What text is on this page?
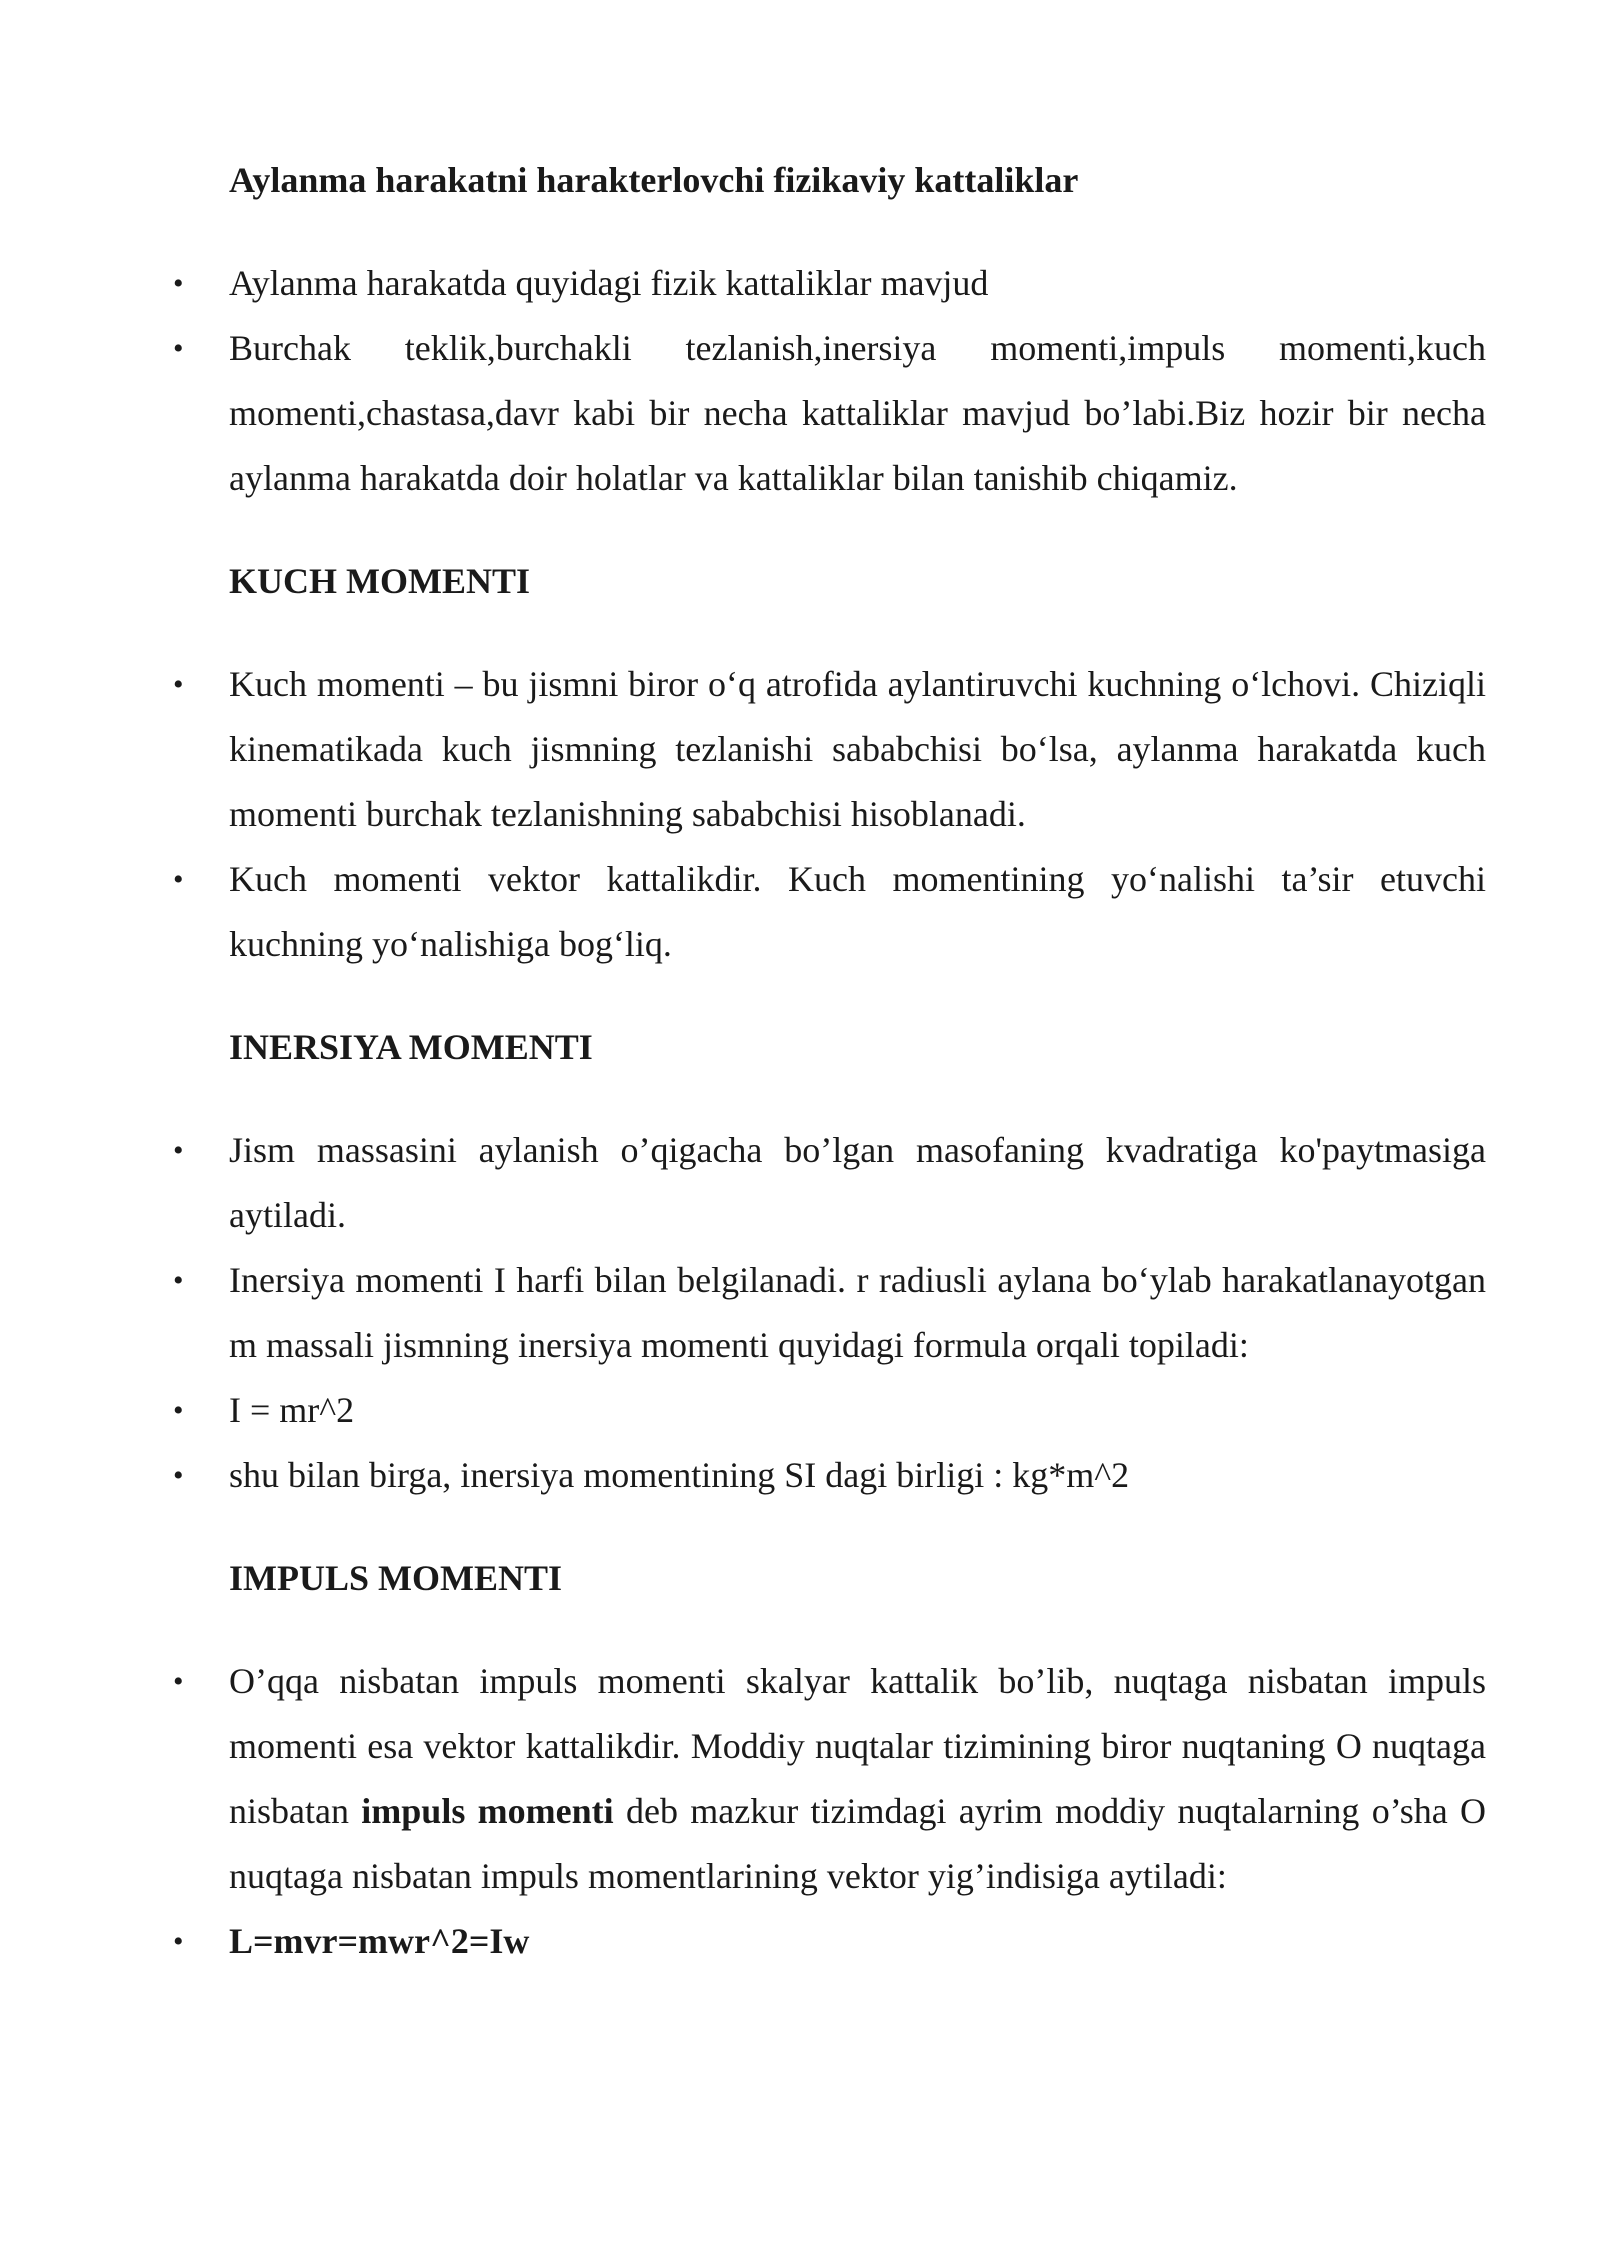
Aylanma harakatni harakterlovchi fizikaviy kattaliklar

• Aylanma harakatda quyidagi fizik kattaliklar mavjud
• Burchak teklik,burchakli tezlanish,inersiya momenti,impuls momenti,kuch momenti,chastasa,davr kabi bir necha kattaliklar mavjud bo’labi.Biz hozir bir necha aylanma harakatda doir holatlar va kattaliklar bilan tanishib chiqamiz.

KUCH MOMENTI

• Kuch momenti – bu jismni biror o‘q atrofida aylantiruvchi kuchning o‘lchovi. Chiziqli kinematikada kuch jismning tezlanishi sababchisi bo‘lsa, aylanma harakatda kuch momenti burchak tezlanishning sababchisi hisoblanadi.
• Kuch momenti vektor kattalikdir. Kuch momentining yo‘nalishi ta’sir etuvchi kuchning yo‘nalishiga bog‘liq.

INERSIYA MOMENTI

• Jism massasini aylanish o’qigacha bo’lgan masofaning kvadratiga ko'paytmasiga aytiladi.
• Inersiya momenti I harfi bilan belgilanadi. r radiusli aylana bo‘ylab harakatlanayotgan m massali jismning inersiya momenti quyidagi formula orqali topiladi:
• I = mr^2
• shu bilan birga, inersiya momentining SI dagi birligi : kg*m^2

IMPULS MOMENTI

• O’qqa nisbatan impuls momenti skalyar kattalik bo’lib, nuqtaga nisbatan impuls momenti esa vektor kattalikdir. Moddiy nuqtalar tizimining biror nuqtaning O nuqtaga nisbatan impuls momenti deb mazkur tizimdagi ayrim moddiy nuqtalarning o’sha O nuqtaga nisbatan impuls momentlarining vektor yig’indisiga aytiladi:
• L=mvr=mwr^2=Iw
